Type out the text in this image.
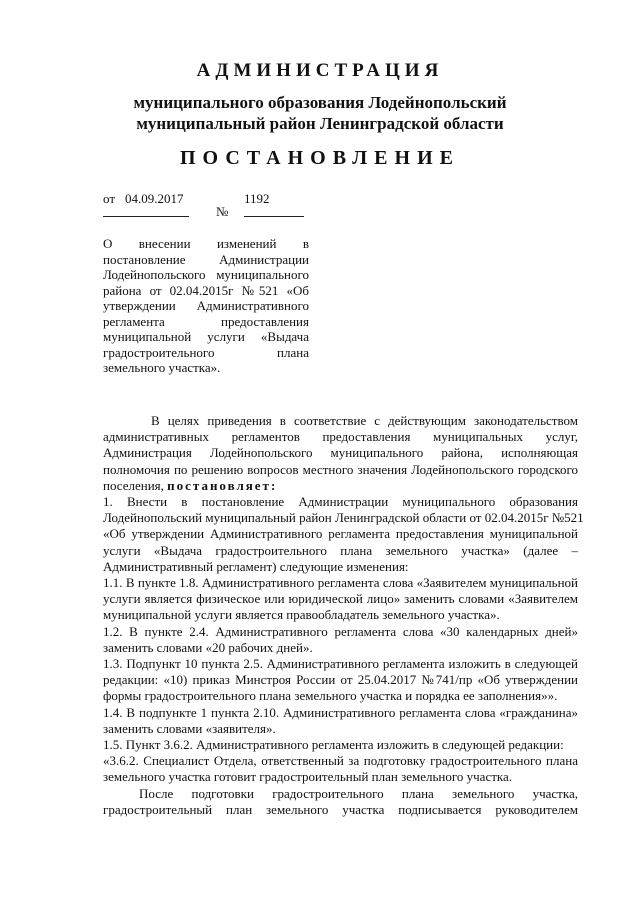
АДМИНИСТРАЦИЯ
муниципального образования Лодейнопольский
муниципальный район Ленинградской области
ПОСТАНОВЛЕНИЕ
от 04.09.2017
№
1192
О внесении изменений в
постановление Администрации
Лодейнопольского муниципального
района от 02.04.2015г №521 «Об
утверждении Административного
регламента предоставления
муниципальной услуги «Выдача
градостроительного плана
земельного участка».
В целях приведения в соответствие с действующим законодательством
административных регламентов предоставления муниципальных услуг,
Администрация Лодейнопольского муниципального района, исполняющая
полномочия по решению вопросов местного значения Лодейнопольского городского
поселения, постановляет:
1. Внести в постановление Администрации муниципального образования
Лодейнопольский муниципальный район Ленинградской области от 02.04.2015г №521
«Об утверждении Административного регламента предоставления муниципальной
услуги «Выдача градостроительного плана земельного участка» (далее –
Административный регламент) следующие изменения:
1.1. В пункте 1.8. Административного регламента слова «Заявителем муниципальной
услуги является физическое или юридической лицо» заменить словами «Заявителем
муниципальной услуги является правообладатель земельного участка».
1.2. В пункте 2.4. Административного регламента слова «30 календарных дней»
заменить словами «20 рабочих дней».
1.3. Подпункт 10 пункта 2.5. Административного регламента изложить в следующей
редакции: «10) приказ Минстроя России от 25.04.2017 №741/пр «Об утверждении
формы градостроительного плана земельного участка и порядка ее заполнения»».
1.4. В подпункте 1 пункта 2.10. Административного регламента слова «гражданина»
заменить словами «заявителя».
1.5. Пункт 3.6.2. Административного регламента изложить в следующей редакции:
«3.6.2. Специалист Отдела, ответственный за подготовку градостроительного плана
земельного участка готовит градостроительный план земельного участка.
После подготовки градостроительного плана земельного участка,
градостроительный план земельного участка подписывается руководителем
